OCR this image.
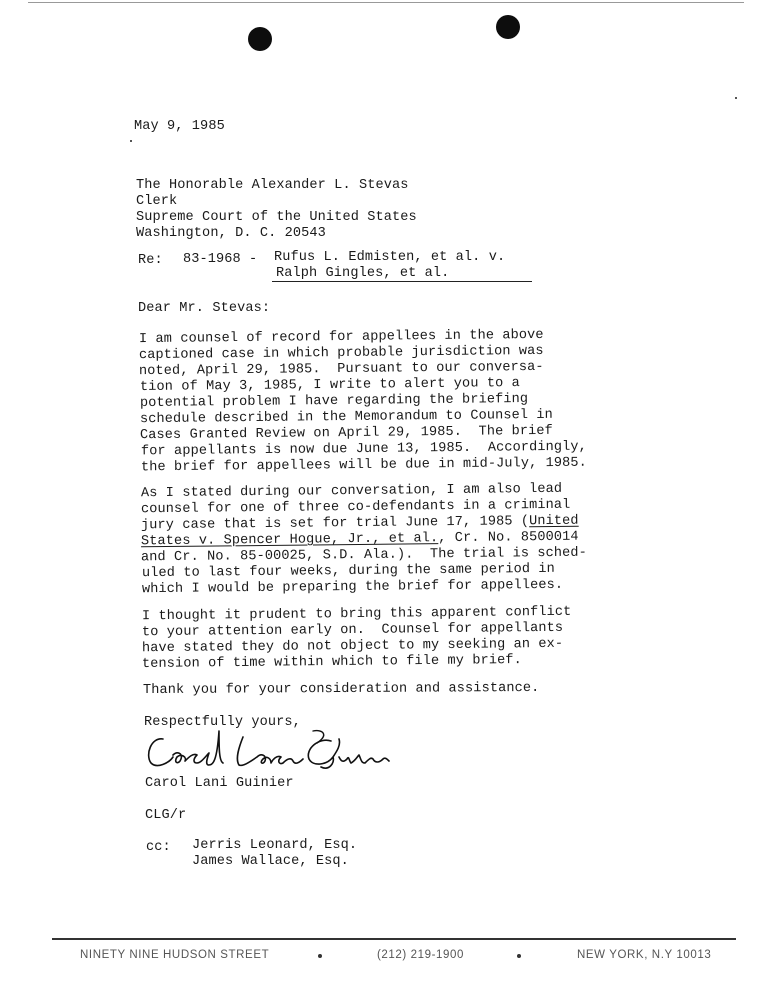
May 9, 1985
The Honorable Alexander L. Stevas
Clerk
Supreme Court of the United States
Washington, D. C. 20543
Re: 83-1968 - Rufus L. Edmisten, et al. v.
Ralph Gingles, et al.
Dear Mr. Stevas:
I am counsel of record for appellees in the above
captioned case in which probable jurisdiction was
noted, April 29, 1985.  Pursuant to our conversa-
tion of May 3, 1985, I write to alert you to a
potential problem I have regarding the briefing
schedule described in the Memorandum to Counsel in
Cases Granted Review on April 29, 1985.  The brief
for appellants is now due June 13, 1985.  Accordingly,
the brief for appellees will be due in mid-July, 1985.
As I stated during our conversation, I am also lead
counsel for one of three co-defendants in a criminal
jury case that is set for trial June 17, 1985 (United
States v. Spencer Hogue, Jr., et al., Cr. No. 8500014
and Cr. No. 85-00025, S.D. Ala.).  The trial is sched-
uled to last four weeks, during the same period in
which I would be preparing the brief for appellees.
I thought it prudent to bring this apparent conflict
to your attention early on.  Counsel for appellants
have stated they do not object to my seeking an ex-
tension of time within which to file my brief.
Thank you for your consideration and assistance.
Respectfully yours,
Carol Lani Guinier
CLG/r
cc: Jerris Leonard, Esq.
James Wallace, Esq.
NINETY NINE HUDSON STREET	(212) 219-1900	NEW YORK, N.Y 10013
